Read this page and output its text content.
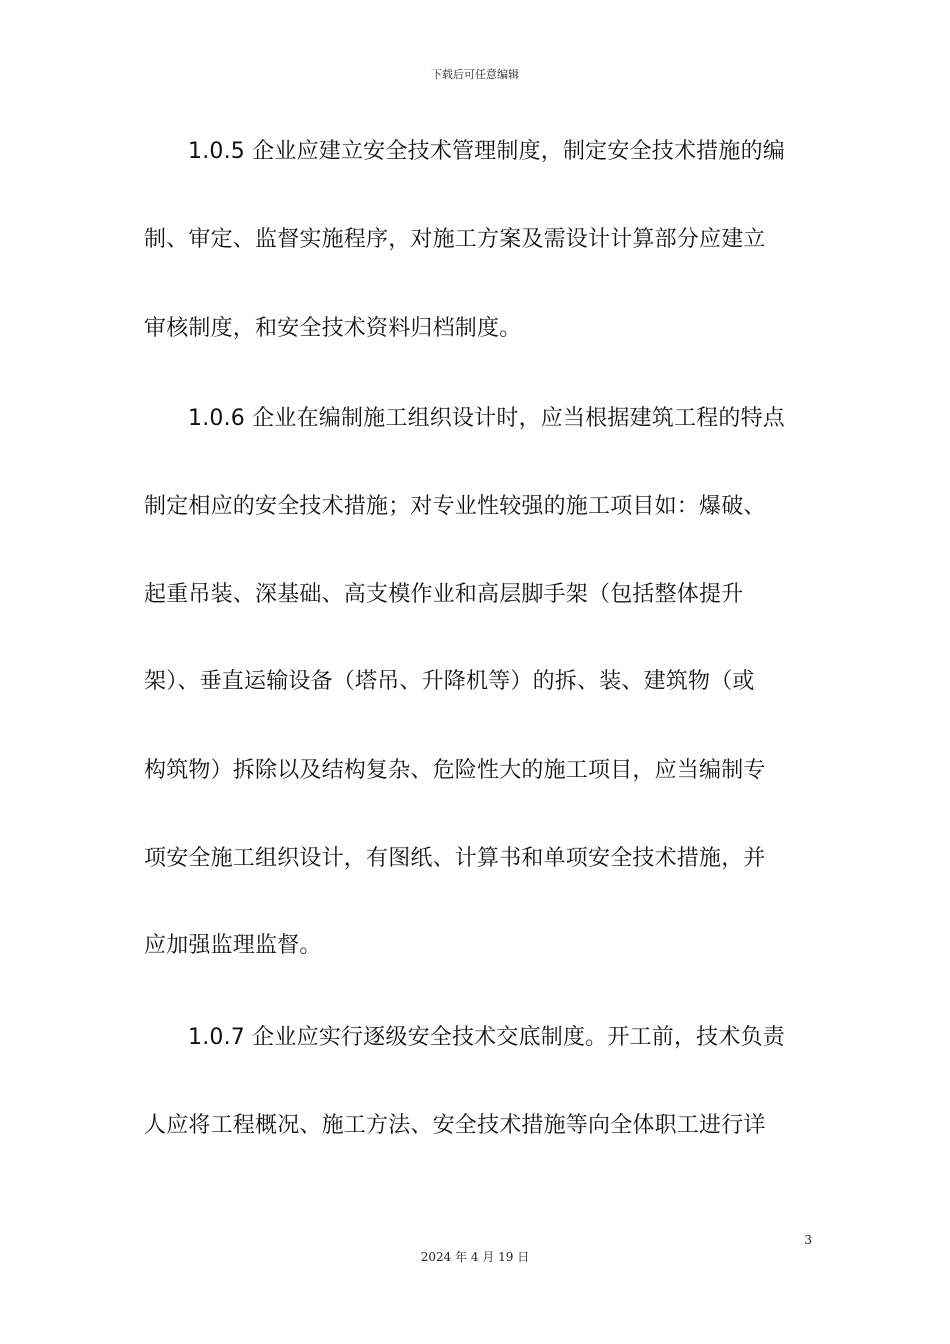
下载后可任意编辑
1.0.5 企业应建立安全技术管理制度，制定安全技术措施的编
制、审定、监督实施程序，对施工方案及需设计计算部分应建立
审核制度，和安全技术资料归档制度。
1.0.6 企业在编制施工组织设计时，应当根据建筑工程的特点
制定相应的安全技术措施；对专业性较强的施工项目如：爆破、
起重吊装、深基础、高支模作业和高层脚手架（包括整体提升
架）、垂直运输设备（塔吊、升降机等）的拆、装、建筑物（或
构筑物）拆除以及结构复杂、危险性大的施工项目，应当编制专
项安全施工组织设计，有图纸、计算书和单项安全技术措施，并
应加强监理监督。
1.0.7 企业应实行逐级安全技术交底制度。开工前，技术负责
人应将工程概况、施工方法、安全技术措施等向全体职工进行详
3
2024 年 4 月 19 日
